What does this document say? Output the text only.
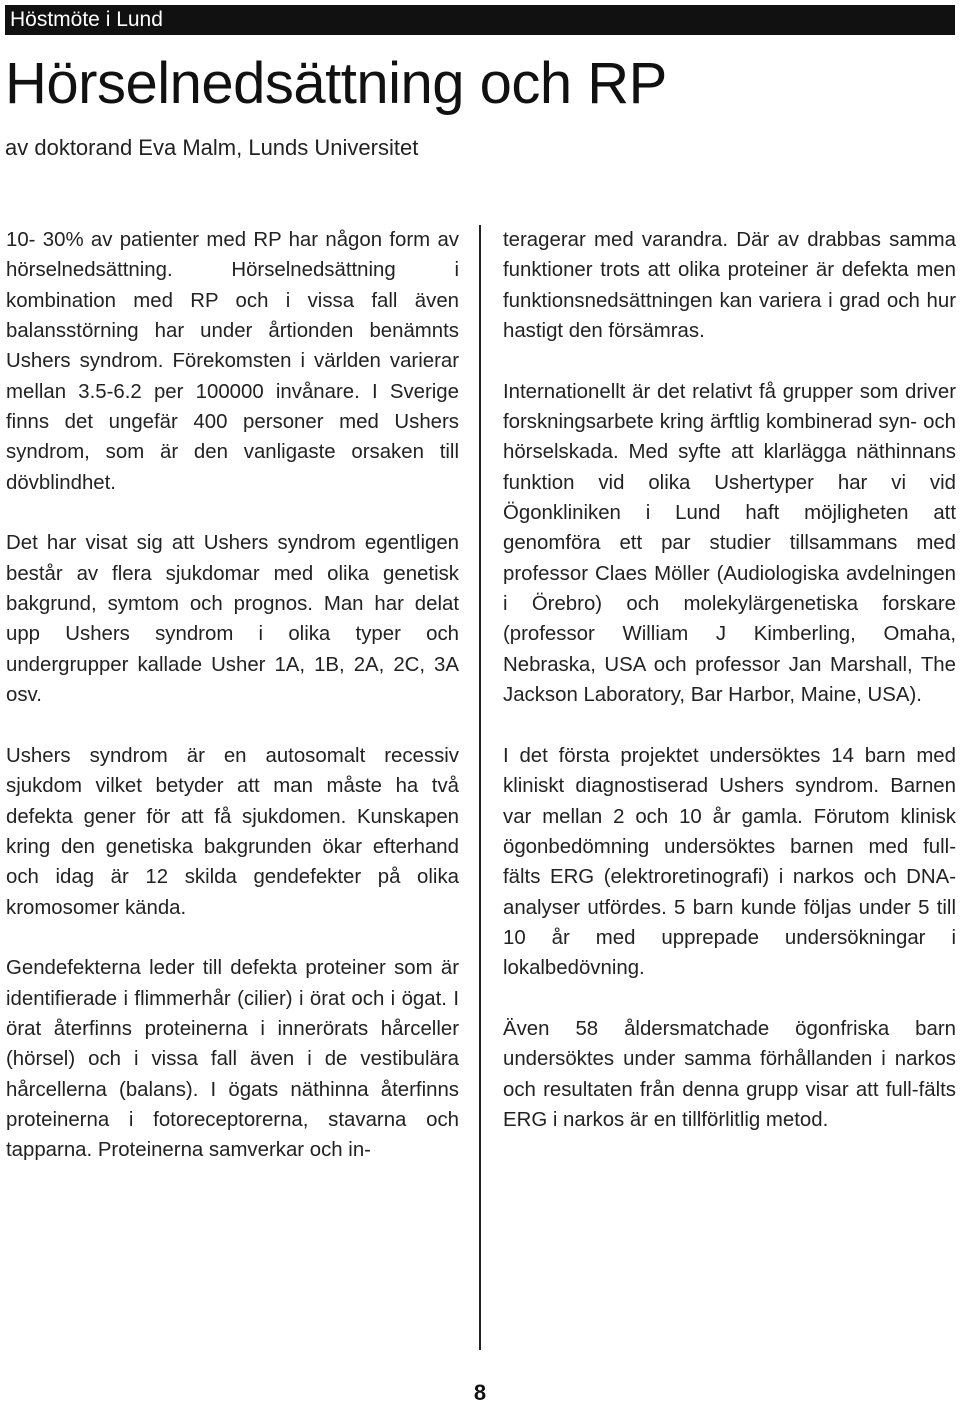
Höstmöte i Lund
Hörselnedsättning och RP
av doktorand Eva Malm, Lunds Universitet

10- 30% av patienter med RP har någon form av hörselnedsättning. Hörselnedsättning i kombination med RP och i vissa fall även balansstörning har under årtionden benämnts Ushers syndrom. Förekomsten i världen varierar mellan 3.5-6.2 per 100000 invånare. I Sverige finns det ungefär 400 personer med Ushers syndrom, som är den vanligaste orsaken till dövblindhet.

Det har visat sig att Ushers syndrom egentligen består av flera sjukdomar med olika genetisk bakgrund, symtom och prognos. Man har delat upp Ushers syndrom i olika typer och undergrupper kallade Usher 1A, 1B, 2A, 2C, 3A osv.

Ushers syndrom är en autosomalt recessiv sjukdom vilket betyder att man måste ha två defekta gener för att få sjukdomen. Kunskapen kring den genetiska bakgrunden ökar efterhand och idag är 12 skilda gendefekter på olika kromosomer kända.

Gendefekterna leder till defekta proteiner som är identifierade i flimmerhår (cilier) i örat och i ögat. I örat återfinns proteinerna i innerörats hårceller (hörsel) och i vissa fall även i de vestibulära hårcellerna (balans). I ögats näthinna återfinns proteinerna i fotoreceptorerna, stavarna och tapparna. Proteinerna samverkar och in-

teragerar med varandra. Där av drabbas samma funktioner trots att olika proteiner är defekta men funktionsnedsättningen kan variera i grad och hur hastigt den försämras.

Internationellt är det relativt få grupper som driver forskningsarbete kring ärftlig kombinerad syn- och hörselskada. Med syfte att klarlägga näthinnans funktion vid olika Ushertyper har vi vid Ögonkliniken i Lund haft möjligheten att genomföra ett par studier tillsammans med professor Claes Möller (Audiologiska avdelningen i Örebro) och molekylärgenetiska forskare (professor William J Kimberling, Omaha, Nebraska, USA och professor Jan Marshall, The Jackson Laboratory, Bar Harbor, Maine, USA).

I det första projektet undersöktes 14 barn med kliniskt diagnostiserad Ushers syndrom. Barnen var mellan 2 och 10 år gamla. Förutom klinisk ögonbedömning undersöktes barnen med full-fälts ERG (elektroretinografi) i narkos och DNA-analyser utfördes. 5 barn kunde följas under 5 till 10 år med upprepade undersökningar i lokalbedövning.

Även 58 åldersmatchade ögonfriska barn undersöktes under samma förhållanden i narkos och resultaten från denna grupp visar att full-fälts ERG i narkos är en tillförlitlig metod.

8
